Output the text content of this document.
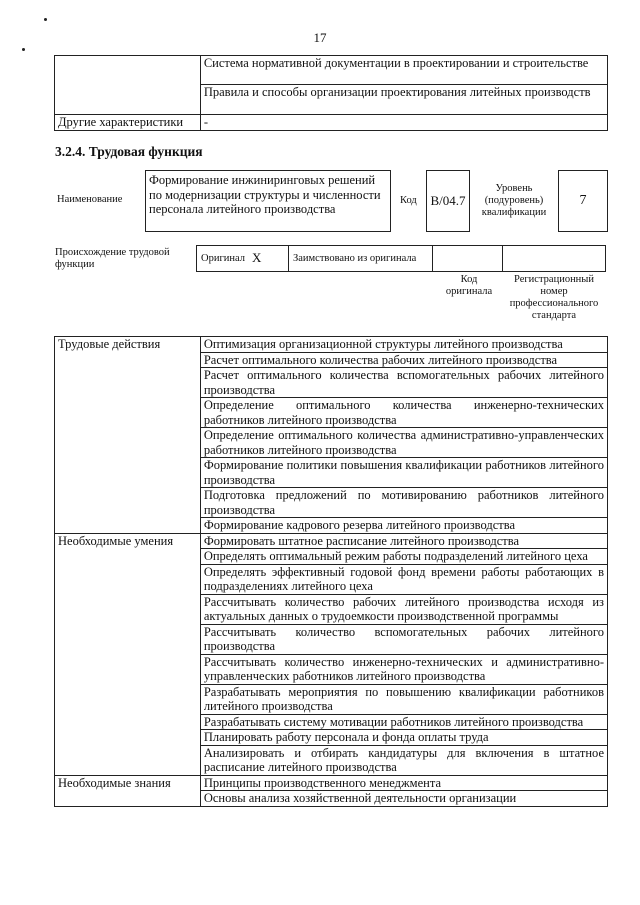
17
	Система нормативной документации в проектировании и строительстве
	Правила и способы организации проектирования литейных производств
Другие характеристики	-
3.2.4. Трудовая функция
Наименование
Формирование инжиниринговых решений по модернизации структуры и численности персонала литейного производства
Код B/04.7
Уровень (подуровень) квалификации
7
Происхождение трудовой функции
Оригинал X	Заимствовано из оригинала
Код оригинала
Регистрационный номер профессионального стандарта
Трудовые действия	Оптимизация организационной структуры литейного производства
	Расчет оптимального количества рабочих литейного производства
	Расчет оптимального количества вспомогательных рабочих литейного производства
	Определение оптимального количества инженерно-технических работников литейного производства
	Определение оптимального количества административно-управленческих работников литейного производства
	Формирование политики повышения квалификации работников литейного производства
	Подготовка предложений по мотивированию работников литейного производства
	Формирование кадрового резерва литейного производства
Необходимые умения	Формировать штатное расписание литейного производства
	Определять оптимальный режим работы подразделений литейного цеха
	Определять эффективный годовой фонд времени работы работающих в подразделениях литейного цеха
	Рассчитывать количество рабочих литейного производства исходя из актуальных данных о трудоемкости производственной программы
	Рассчитывать количество вспомогательных рабочих литейного производства
	Рассчитывать количество инженерно-технических и административно-управленческих работников литейного производства
	Разрабатывать мероприятия по повышению квалификации работников литейного производства
	Разрабатывать систему мотивации работников литейного производства
	Планировать работу персонала и фонда оплаты труда
	Анализировать и отбирать кандидатуры для включения в штатное расписание литейного производства
Необходимые знания	Принципы производственного менеджмента
	Основы анализа хозяйственной деятельности организации
